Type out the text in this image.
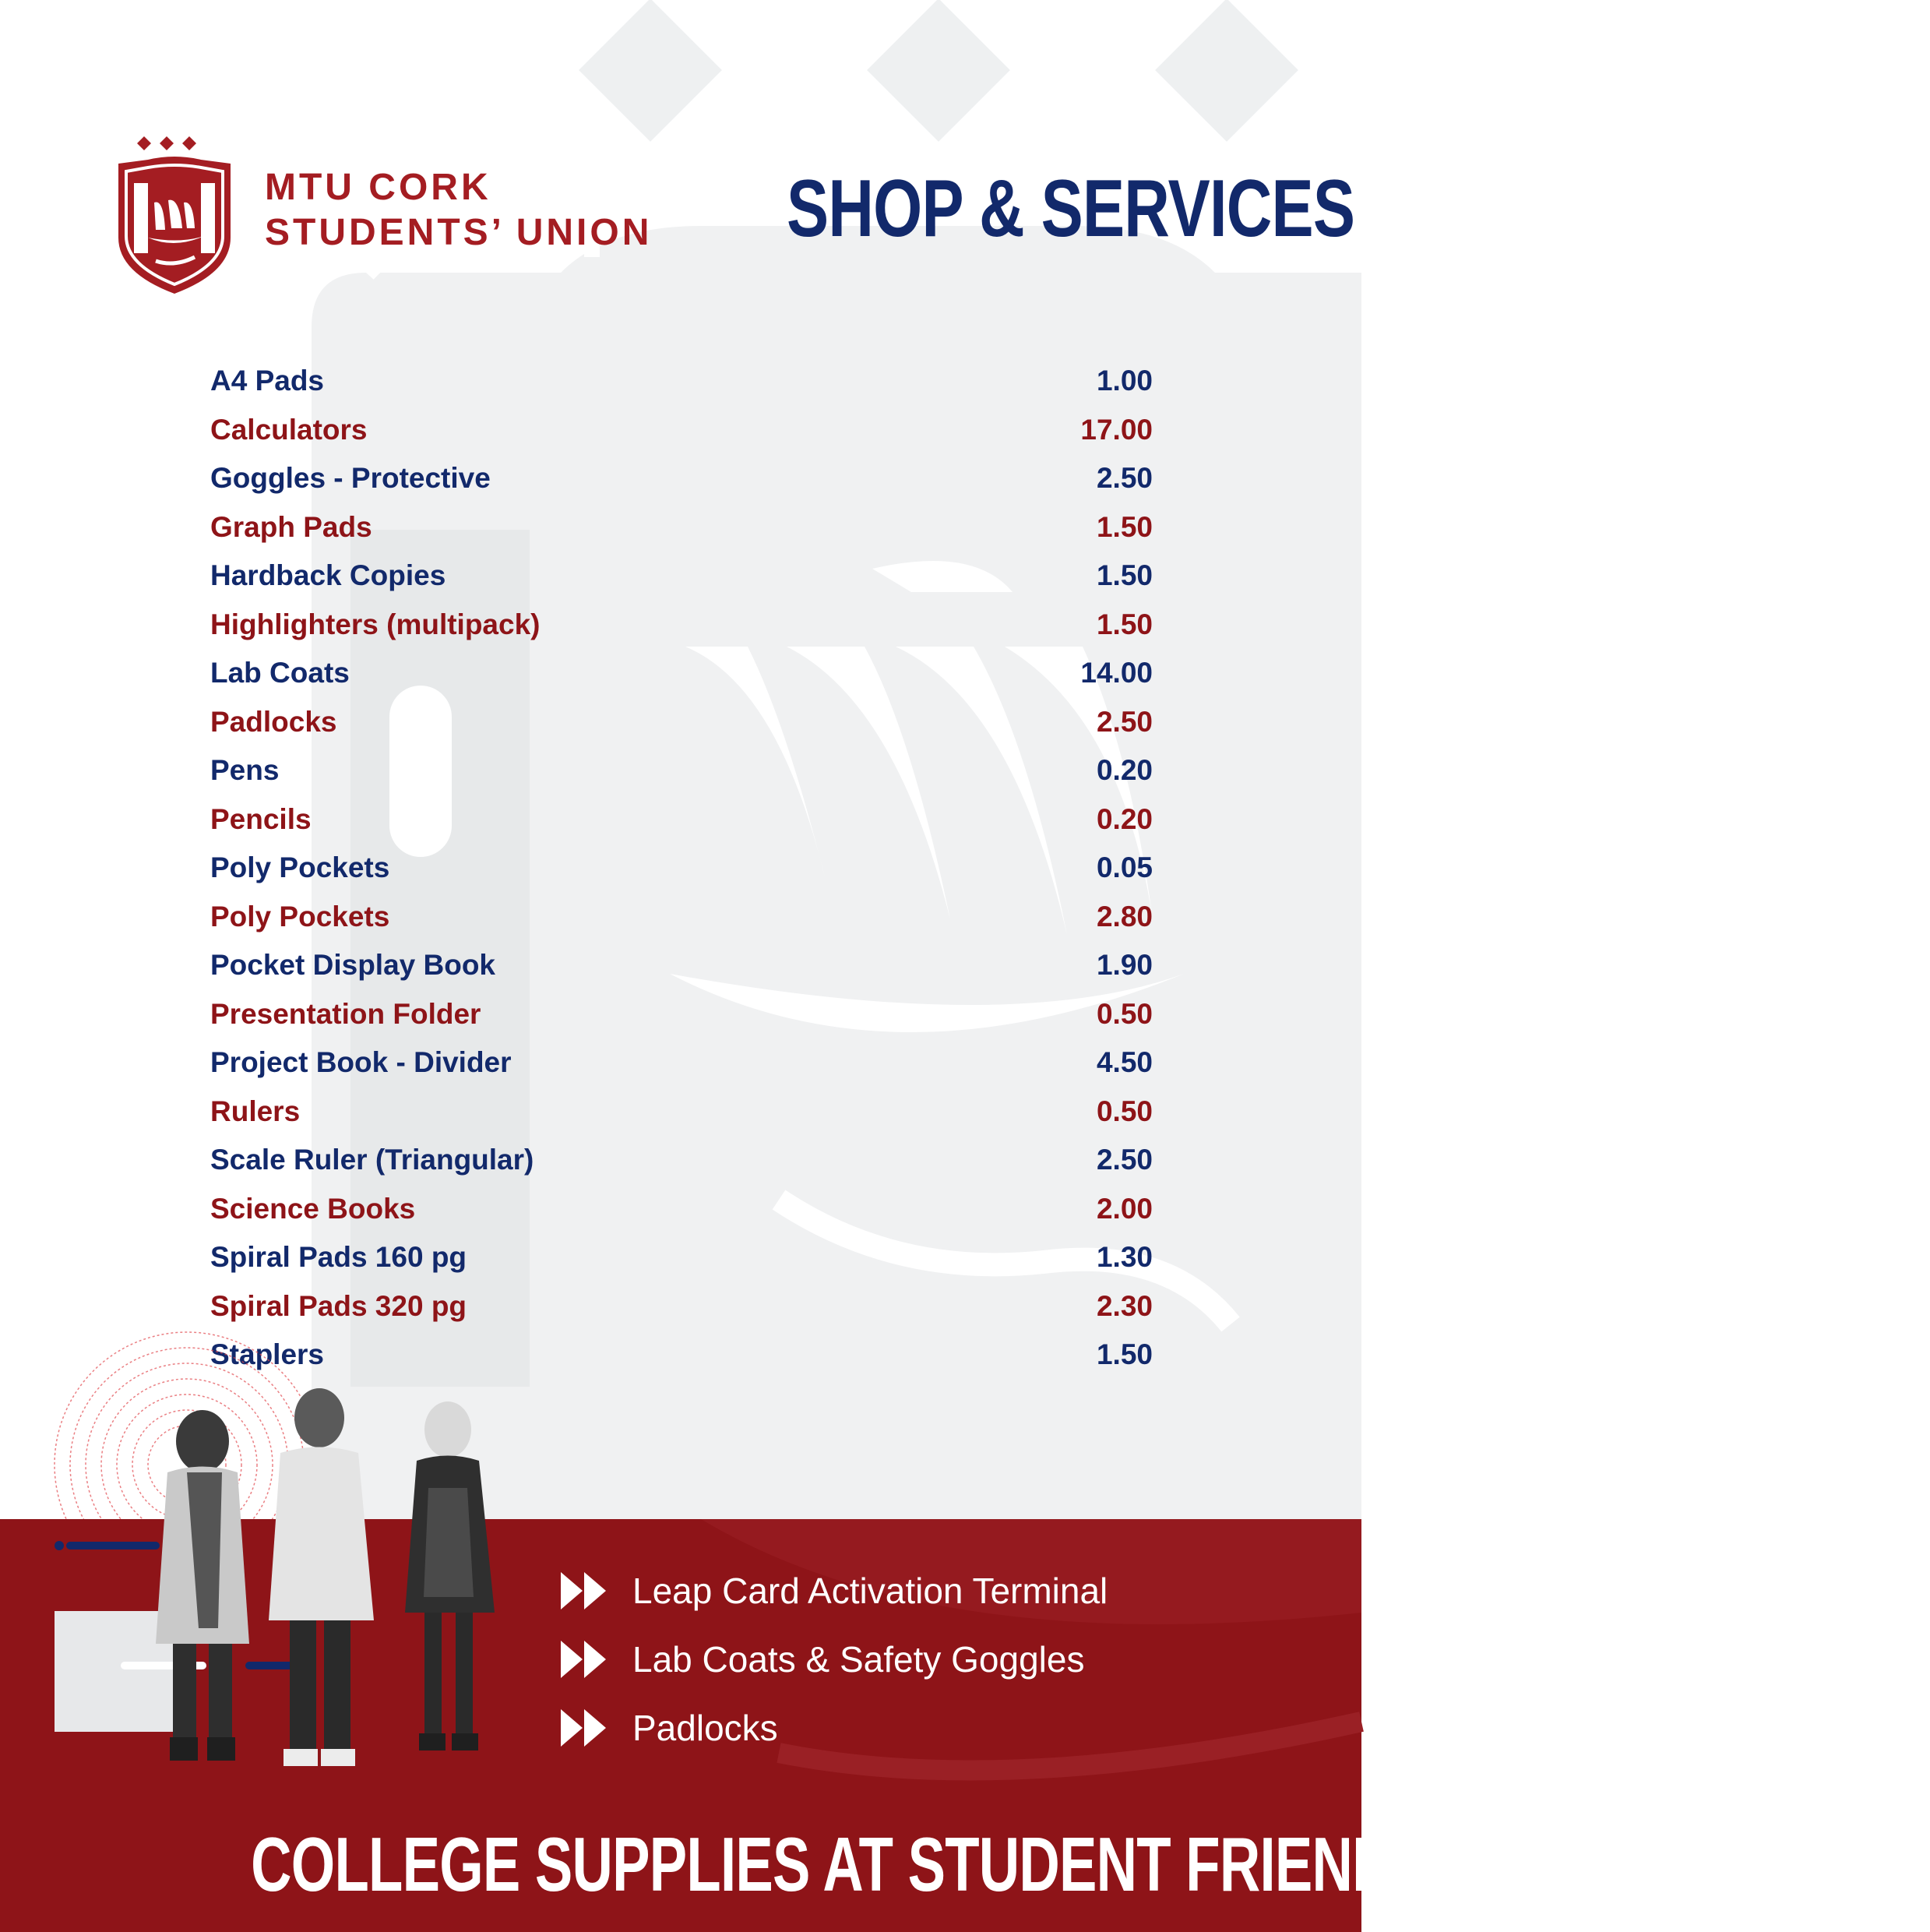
MTU CORK
STUDENTS’ UNION SHOP & SERVICES
A4 Pads	1.00
Calculators	17.00
Goggles - Protective	2.50
Graph Pads	1.50
Hardback Copies	1.50
Highlighters (multipack)	1.50
Lab Coats	14.00
Padlocks	2.50
Pens	0.20
Pencils	0.20
Poly Pockets	0.05
Poly Pockets	2.80
Pocket Display Book	1.90
Presentation Folder	0.50
Project Book - Divider	4.50
Rulers	0.50
Scale Ruler (Triangular)	2.50
Science Books	2.00
Spiral Pads 160 pg	1.30
Spiral Pads 320 pg	2.30
Staplers	1.50
Leap Card Activation Terminal
Lab Coats & Safety Goggles
Padlocks
COLLEGE SUPPLIES AT STUDENT FRIENDLY PRICES
